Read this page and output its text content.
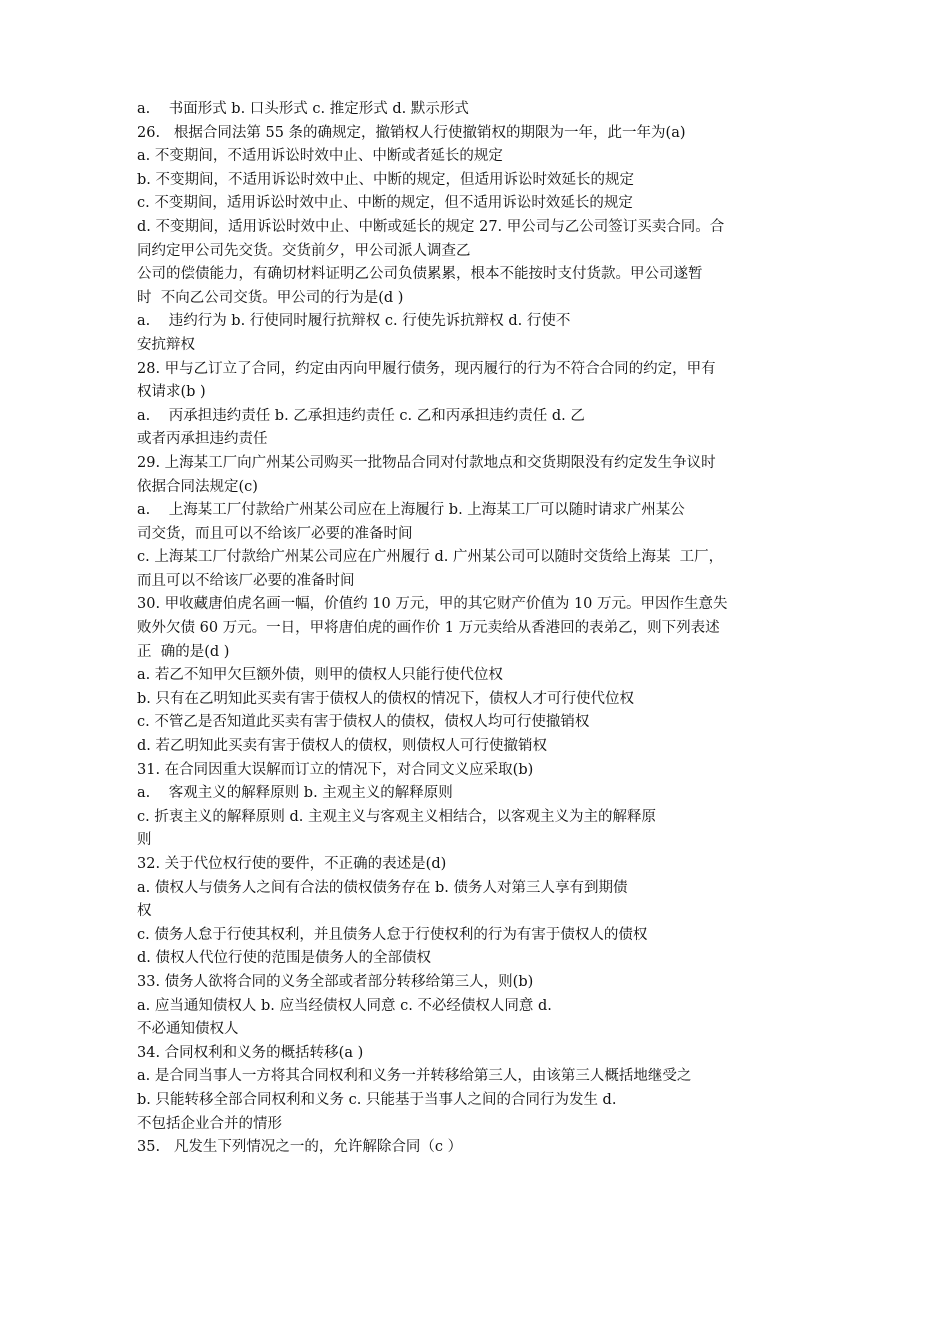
a.    书面形式 b. 口头形式 c. 推定形式 d. 默示形式
26.   根据合同法第 55 条的确规定，撤销权人行使撤销权的期限为一年，此一年为(a)
a. 不变期间，不适用诉讼时效中止、中断或者延长的规定
b. 不变期间，不适用诉讼时效中止、中断的规定，但适用诉讼时效延长的规定
c. 不变期间，适用诉讼时效中止、中断的规定，但不适用诉讼时效延长的规定
d. 不变期间，适用诉讼时效中止、中断或延长的规定 27. 甲公司与乙公司签订买卖合同。合
同约定甲公司先交货。交货前夕，甲公司派人调查乙
公司的偿债能力，有确切材料证明乙公司负债累累，根本不能按时支付货款。甲公司遂暂
时  不向乙公司交货。甲公司的行为是(d )
a.    违约行为 b. 行使同时履行抗辩权 c. 行使先诉抗辩权 d. 行使不
安抗辩权
28. 甲与乙订立了合同，约定由丙向甲履行债务，现丙履行的行为不符合合同的约定，甲有
权请求(b )
a.    丙承担违约责任 b. 乙承担违约责任 c. 乙和丙承担违约责任 d. 乙
或者丙承担违约责任
29. 上海某工厂向广州某公司购买一批物品合同对付款地点和交货期限没有约定发生争议时
依据合同法规定(c)
a.    上海某工厂付款给广州某公司应在上海履行 b. 上海某工厂可以随时请求广州某公
司交货，而且可以不给该厂必要的准备时间
c. 上海某工厂付款给广州某公司应在广州履行 d. 广州某公司可以随时交货给上海某  工厂，
而且可以不给该厂必要的准备时间
30. 甲收藏唐伯虎名画一幅，价值约 10 万元，甲的其它财产价值为 10 万元。甲因作生意失
败外欠债 60 万元。一日，甲将唐伯虎的画作价 1 万元卖给从香港回的表弟乙，则下列表述
正  确的是(d )
a. 若乙不知甲欠巨额外债，则甲的债权人只能行使代位权
b. 只有在乙明知此买卖有害于债权人的债权的情况下，债权人才可行使代位权
c. 不管乙是否知道此买卖有害于债权人的债权，债权人均可行使撤销权
d. 若乙明知此买卖有害于债权人的债权，则债权人可行使撤销权
31. 在合同因重大误解而订立的情况下，对合同文义应采取(b)
a.    客观主义的解释原则 b. 主观主义的解释原则
c. 折衷主义的解释原则 d. 主观主义与客观主义相结合，以客观主义为主的解释原
则
32. 关于代位权行使的要件，不正确的表述是(d)
a. 债权人与债务人之间有合法的债权债务存在 b. 债务人对第三人享有到期债
权
c. 债务人怠于行使其权利，并且债务人怠于行使权利的行为有害于债权人的债权
d. 债权人代位行使的范围是债务人的全部债权
33. 债务人欲将合同的义务全部或者部分转移给第三人，则(b)
a. 应当通知债权人 b. 应当经债权人同意 c. 不必经债权人同意 d.
不必通知债权人
34. 合同权利和义务的概括转移(a )
a. 是合同当事人一方将其合同权利和义务一并转移给第三人，由该第三人概括地继受之
b. 只能转移全部合同权利和义务 c. 只能基于当事人之间的合同行为发生 d.
不包括企业合并的情形
35.   凡发生下列情况之一的，允许解除合同（c ）
